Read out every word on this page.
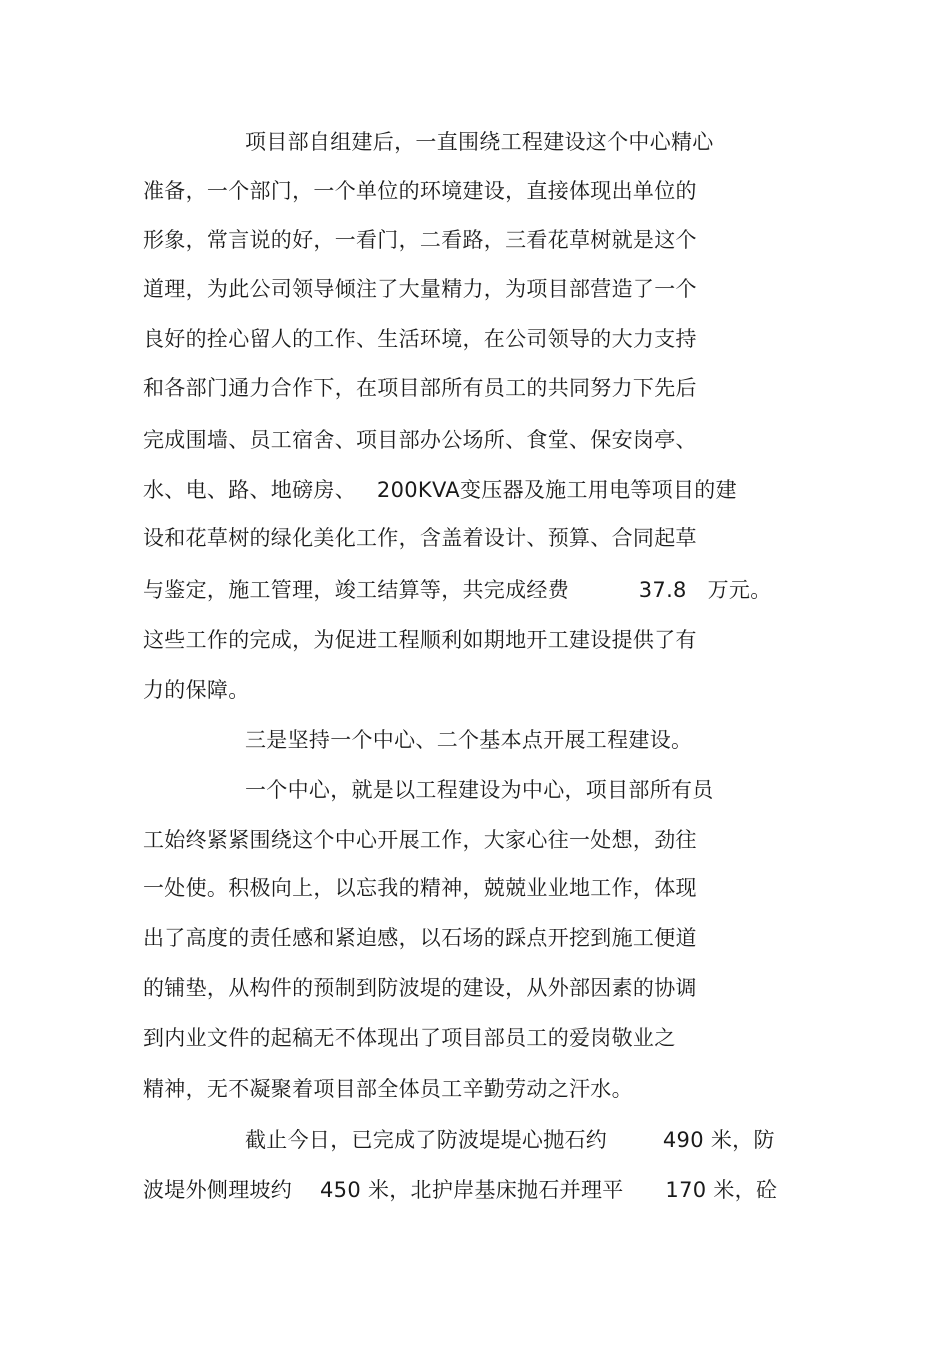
项目部自组建后，一直围绕工程建设这个中心精心
准备，一个部门，一个单位的环境建设，直接体现出单位的
形象，常言说的好，一看门，二看路，三看花草树就是这个
道理，为此公司领导倾注了大量精力，为项目部营造了一个
良好的拴心留人的工作、生活环境，在公司领导的大力支持
和各部门通力合作下，在项目部所有员工的共同努力下先后
完成围墙、员工宿舍、项目部办公场所、食堂、保安岗亭、
水、电、路、地磅房、   200KVA变压器及施工用电等项目的建
设和花草树的绿化美化工作，含盖着设计、预算、合同起草
与鉴定，施工管理，竣工结算等，共完成经费          37.8   万元。
这些工作的完成，为促进工程顺利如期地开工建设提供了有
力的保障。
三是坚持一个中心、二个基本点开展工程建设。
一个中心，就是以工程建设为中心，项目部所有员
工始终紧紧围绕这个中心开展工作，大家心往一处想，劲往
一处使。积极向上，以忘我的精神，兢兢业业地工作，体现
出了高度的责任感和紧迫感，以石场的踩点开挖到施工便道
的铺垫，从构件的预制到防波堤的建设，从外部因素的协调
到内业文件的起稿无不体现出了项目部员工的爱岗敬业之
精神，无不凝聚着项目部全体员工辛勤劳动之汗水。
截止今日，已完成了防波堤堤心抛石约        490 米，防
波堤外侧理坡约    450 米，北护岸基床抛石并理平      170 米，砼
